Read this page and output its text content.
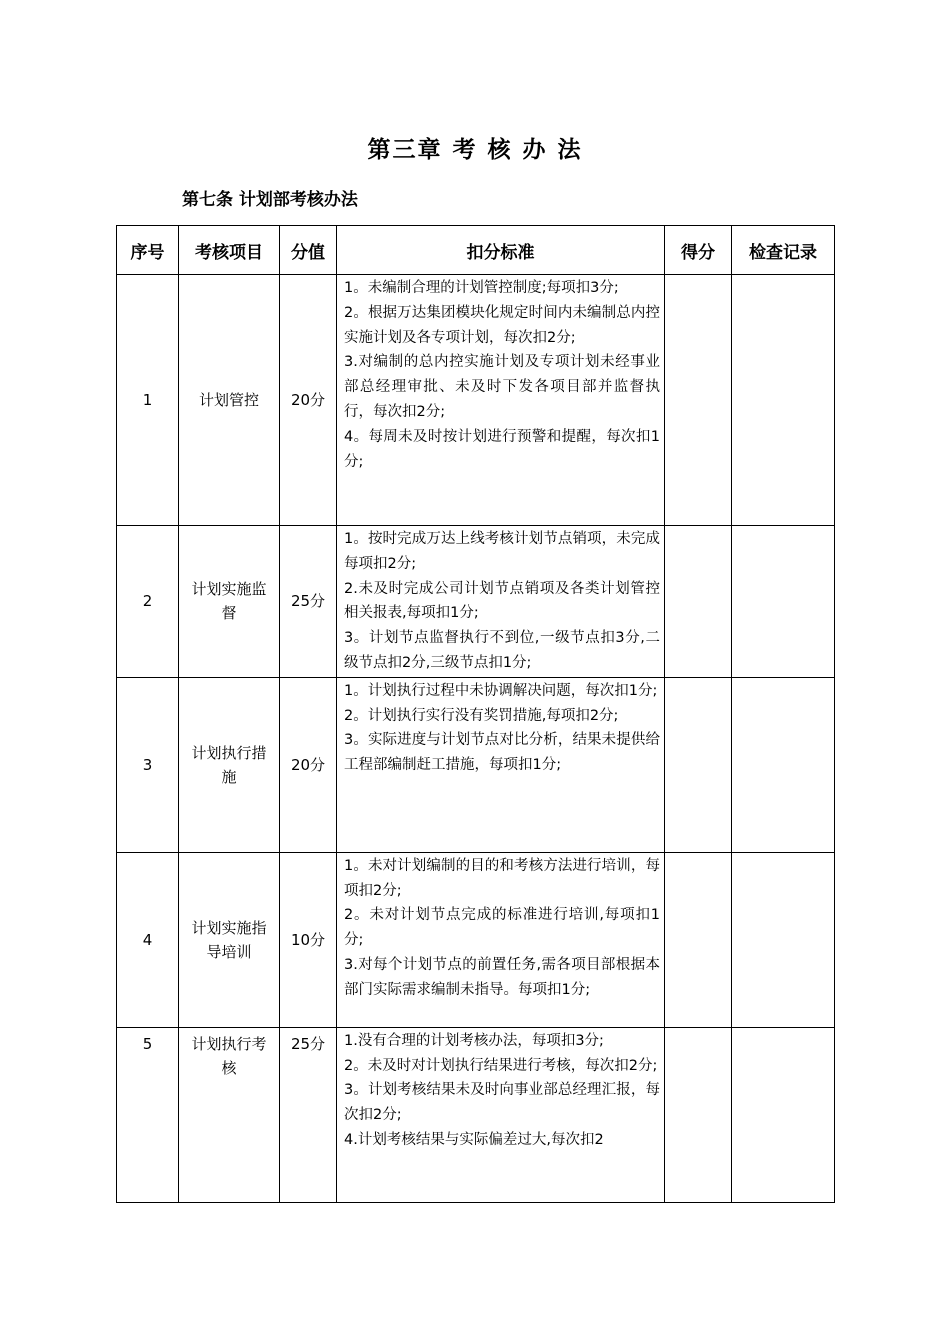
第三章 考 核 办 法
第七条 计划部考核办法
序号	考核项目	分值	扣分标准	得分	检查记录
1	计划管控	20分	1。未编制合理的计划管控制度;每项扣3分;
2。根据万达集团模块化规定时间内未编制总内控实施计划及各专项计划，每次扣2分;
3.对编制的总内控实施计划及专项计划未经事业部总经理审批、未及时下发各项目部并监督执行，每次扣2分;
4。每周未及时按计划进行预警和提醒，每次扣1分;		

2	计划实施监督	25分	1。按时完成万达上线考核计划节点销项，未完成每项扣2分;
2.未及时完成公司计划节点销项及各类计划管控相关报表,每项扣1分;
3。计划节点监督执行不到位,一级节点扣3分,二级节点扣2分,三级节点扣1分;		

3	计划执行措施	20分	1。计划执行过程中未协调解决问题，每次扣1分;
2。计划执行实行没有奖罚措施,每项扣2分;
3。实际进度与计划节点对比分析，结果未提供给工程部编制赶工措施，每项扣1分;		

4	计划实施指导培训	10分	1。未对计划编制的目的和考核方法进行培训，每项扣2分;
2。未对计划节点完成的标准进行培训,每项扣1分;
3.对每个计划节点的前置任务,需各项目部根据本部门实际需求编制未指导。每项扣1分;		

5	计划执行考核	25分	1.没有合理的计划考核办法，每项扣3分;
2。未及时对计划执行结果进行考核，每次扣2分;
3。计划考核结果未及时向事业部总经理汇报，每次扣2分;
4.计划考核结果与实际偏差过大,每次扣2		
